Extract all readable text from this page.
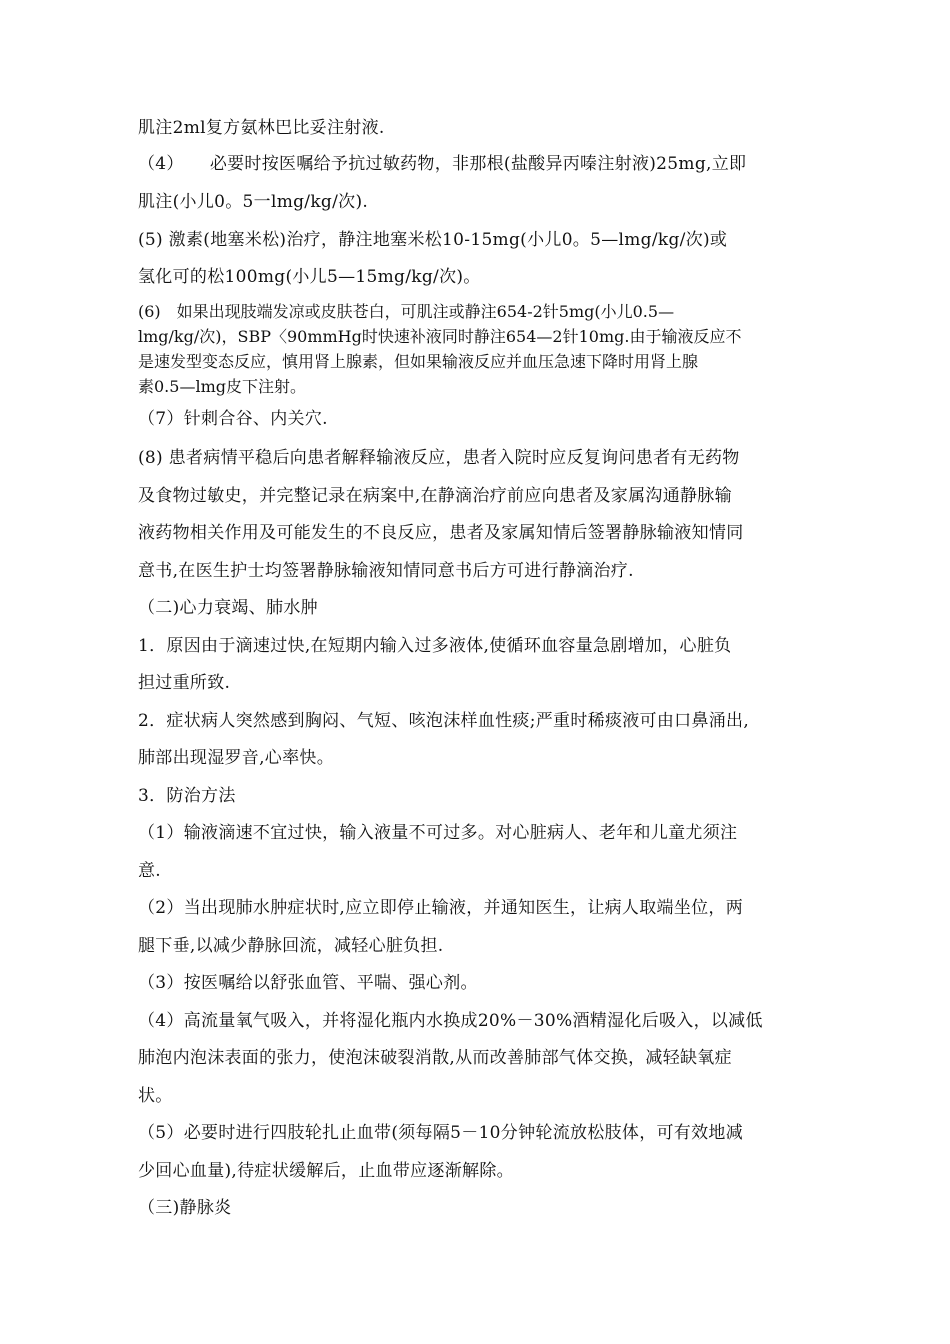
肌注2ml复方氨林巴比妥注射液.
（4）　　必要时按医嘱给予抗过敏药物，非那根(盐酸异丙嗪注射液)25mg,立即
肌注(小儿0。5一lmg/kg/次).
(5) 激素(地塞米松)治疗，静注地塞米松10-15mg(小儿0。5—lmg/kg/次)或
氢化可的松100mg(小儿5—15mg/kg/次)。
(6)　如果出现肢端发凉或皮肤苍白，可肌注或静注654-2针5mg(小儿0.5—
lmg/kg/次)，SBP〈90mmHg时快速补液同时静注654—2针10mg.由于输液反应不
是速发型变态反应，慎用肾上腺素，但如果输液反应并血压急速下降时用肾上腺
素0.5—lmg皮下注射。
（7）针刺合谷、内关穴.
(8) 患者病情平稳后向患者解释输液反应，患者入院时应反复询问患者有无药物
及食物过敏史，并完整记录在病案中,在静滴治疗前应向患者及家属沟通静脉输
液药物相关作用及可能发生的不良反应，患者及家属知情后签署静脉输液知情同
意书,在医生护士均签署静脉输液知情同意书后方可进行静滴治疗.
（二)心力衰竭、肺水肿
1．原因由于滴速过快,在短期内输入过多液体,使循环血容量急剧增加，心脏负
担过重所致.
2．症状病人突然感到胸闷、气短、咳泡沫样血性痰;严重时稀痰液可由口鼻涌出,
肺部出现湿罗音,心率快。
3．防治方法
（1）输液滴速不宜过快，输入液量不可过多。对心脏病人、老年和儿童尤须注
意.
（2）当出现肺水肿症状时,应立即停止输液，并通知医生，让病人取端坐位，两
腿下垂,以减少静脉回流，减轻心脏负担.
（3）按医嘱给以舒张血管、平喘、强心剂。
（4）高流量氧气吸入，并将湿化瓶内水换成20%－30%酒精湿化后吸入，以减低
肺泡内泡沫表面的张力，使泡沫破裂消散,从而改善肺部气体交换，减轻缺氧症
状。
（5）必要时进行四肢轮扎止血带(须每隔5－10分钟轮流放松肢体，可有效地减
少回心血量),待症状缓解后，止血带应逐渐解除。
（三)静脉炎
